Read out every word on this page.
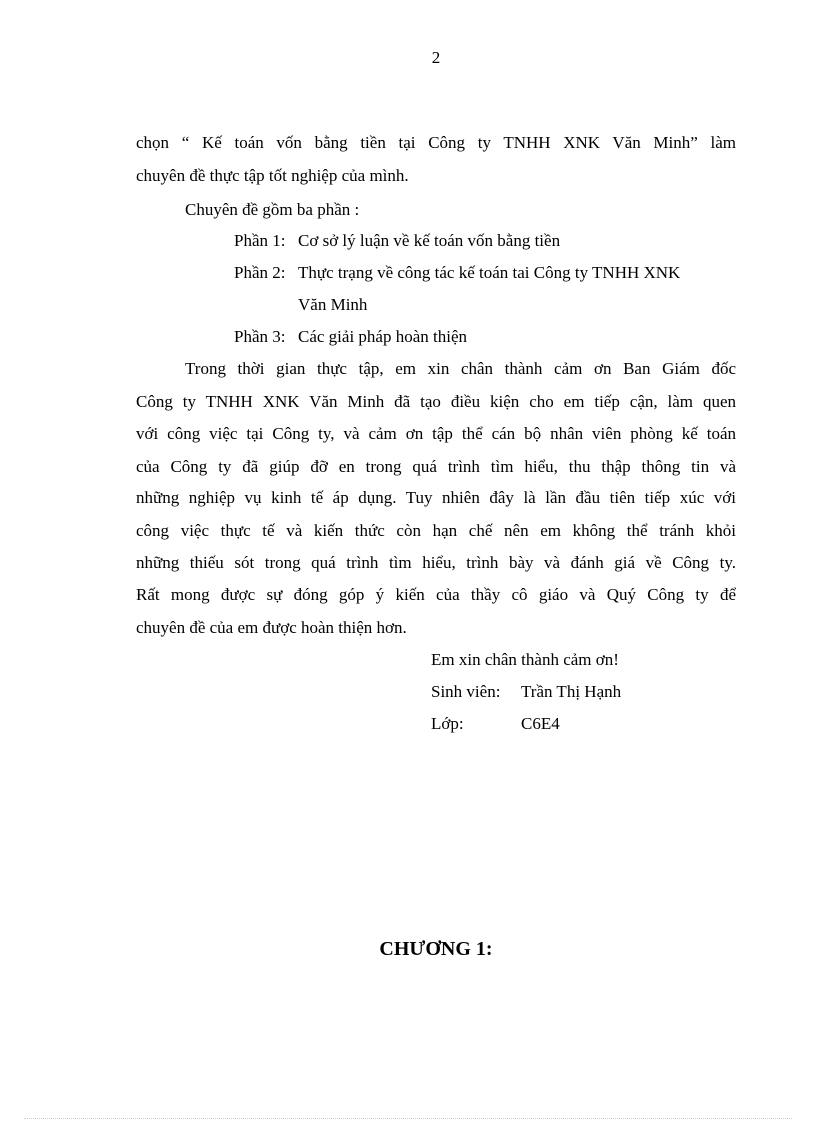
2
chọn “ Kế toán vốn bằng tiền tại Công ty TNHH XNK Văn Minh” làm
chuyên đề thực tập tốt nghiệp của mình.
Chuyên đề gồm ba phần :
Phần 1: Cơ sở lý luận về kế toán vốn bằng tiền
Phần 2: Thực trạng về công tác kế toán tai Công ty TNHH XNK
Văn Minh
Phần 3: Các giải pháp hoàn thiện
Trong thời gian thực tập, em xin chân thành cảm ơn Ban Giám đốc
Công ty TNHH XNK Văn Minh đã tạo điều kiện cho em tiếp cận, làm quen
với công việc tại Công ty, và cảm ơn tập thể cán bộ nhân viên phòng kế toán
của Công ty đã giúp đỡ en trong quá trình tìm hiểu, thu thập thông tin và
những nghiệp vụ kinh tế áp dụng. Tuy nhiên đây là lần đầu tiên tiếp xúc với
công việc thực tế và kiến thức còn hạn chế nên em không thể tránh khỏi
những thiếu sót trong quá trình tìm hiểu, trình bày và đánh giá về Công ty.
Rất mong được sự đóng góp ý kiến của thầy cô giáo và Quý Công ty để
chuyên đề của em được hoàn thiện hơn.
Em xin chân thành cảm ơn!
Sinh viên: Trần Thị Hạnh
Lớp:	C6E4
CHƯƠNG 1:
